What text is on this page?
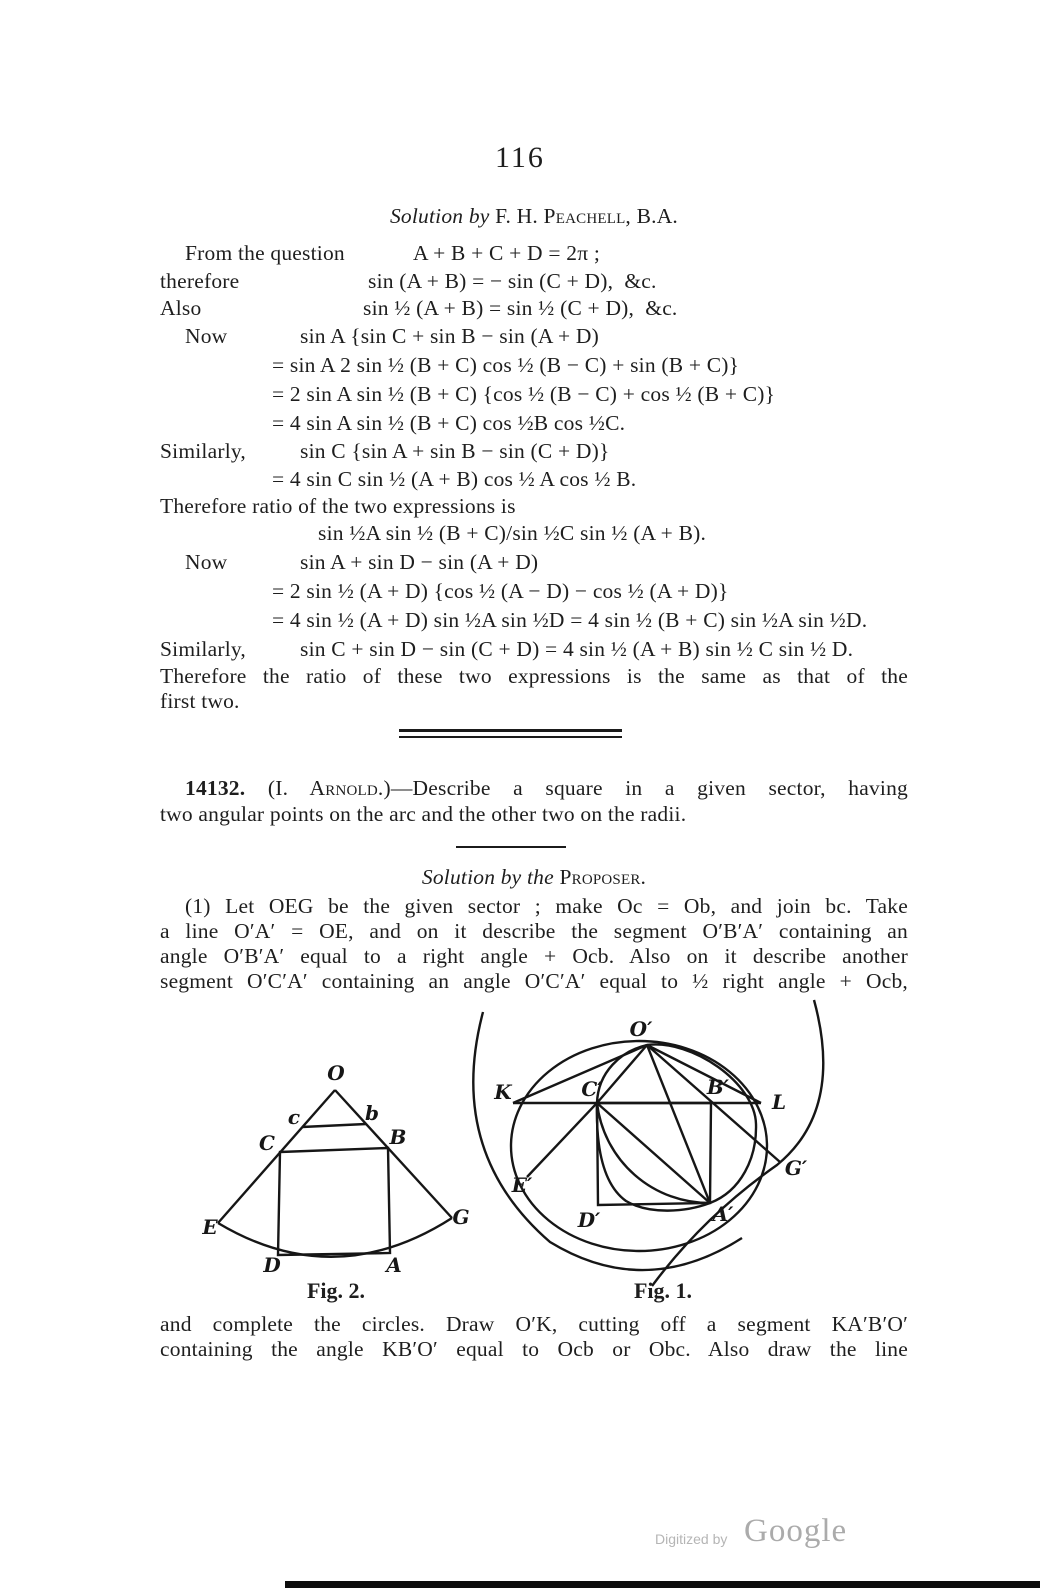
116
Solution by F. H. Peachell, B.A.
From the question	A + B + C + D = 2π ;
therefore	sin (A + B) = − sin (C + D),  &c.
Also	sin ½ (A + B) = sin ½ (C + D),  &c.
Now	sin A {sin C + sin B − sin (A + D)
= sin A 2 sin ½ (B + C) cos ½ (B − C) + sin (B + C)}
= 2 sin A sin ½ (B + C) {cos ½ (B − C) + cos ½ (B + C)}
= 4 sin A sin ½ (B + C) cos ½B cos ½C.
Similarly,	sin C {sin A + sin B − sin (C + D)}
= 4 sin C sin ½ (A + B) cos ½ A cos ½ B.
Therefore ratio of the two expressions is
sin ½A sin ½ (B + C)/sin ½C sin ½ (A + B).
Now	sin A + sin D − sin (A + D)
= 2 sin ½ (A + D) {cos ½ (A − D) − cos ½ (A + D)}
= 4 sin ½ (A + D) sin ½A sin ½D = 4 sin ½ (B + C) sin ½A sin ½D.
Similarly,	sin C + sin D − sin (C + D) = 4 sin ½ (A + B) sin ½ C sin ½ D.
Therefore the ratio of these two expressions is the same as that of the
first two.
14132. (I. Arnold.)—Describe a square in a given sector, having
two angular points on the arc and the other two on the radii.
Solution by the Proposer.
(1) Let OEG be the given sector ; make Oc = Ob, and join bc. Take
a line O′A′ = OE, and on it describe the segment O′B′A′ containing an
angle O′B′A′ equal to a right angle + Ocb. Also on it describe another
segment O′C′A′ containing an angle O′C′A′ equal to ½ right angle + Ocb,
O
c	b
C	B
E	G
D	A
O′
K	C′	B′
L
E′
G′
D′	A′
Fig. 2.	Fig. 1.
and complete the circles. Draw O′K, cutting off a segment KA′B′O′
containing the angle KB′O′ equal to Ocb or Obc. Also draw the line
Digitized by Google
